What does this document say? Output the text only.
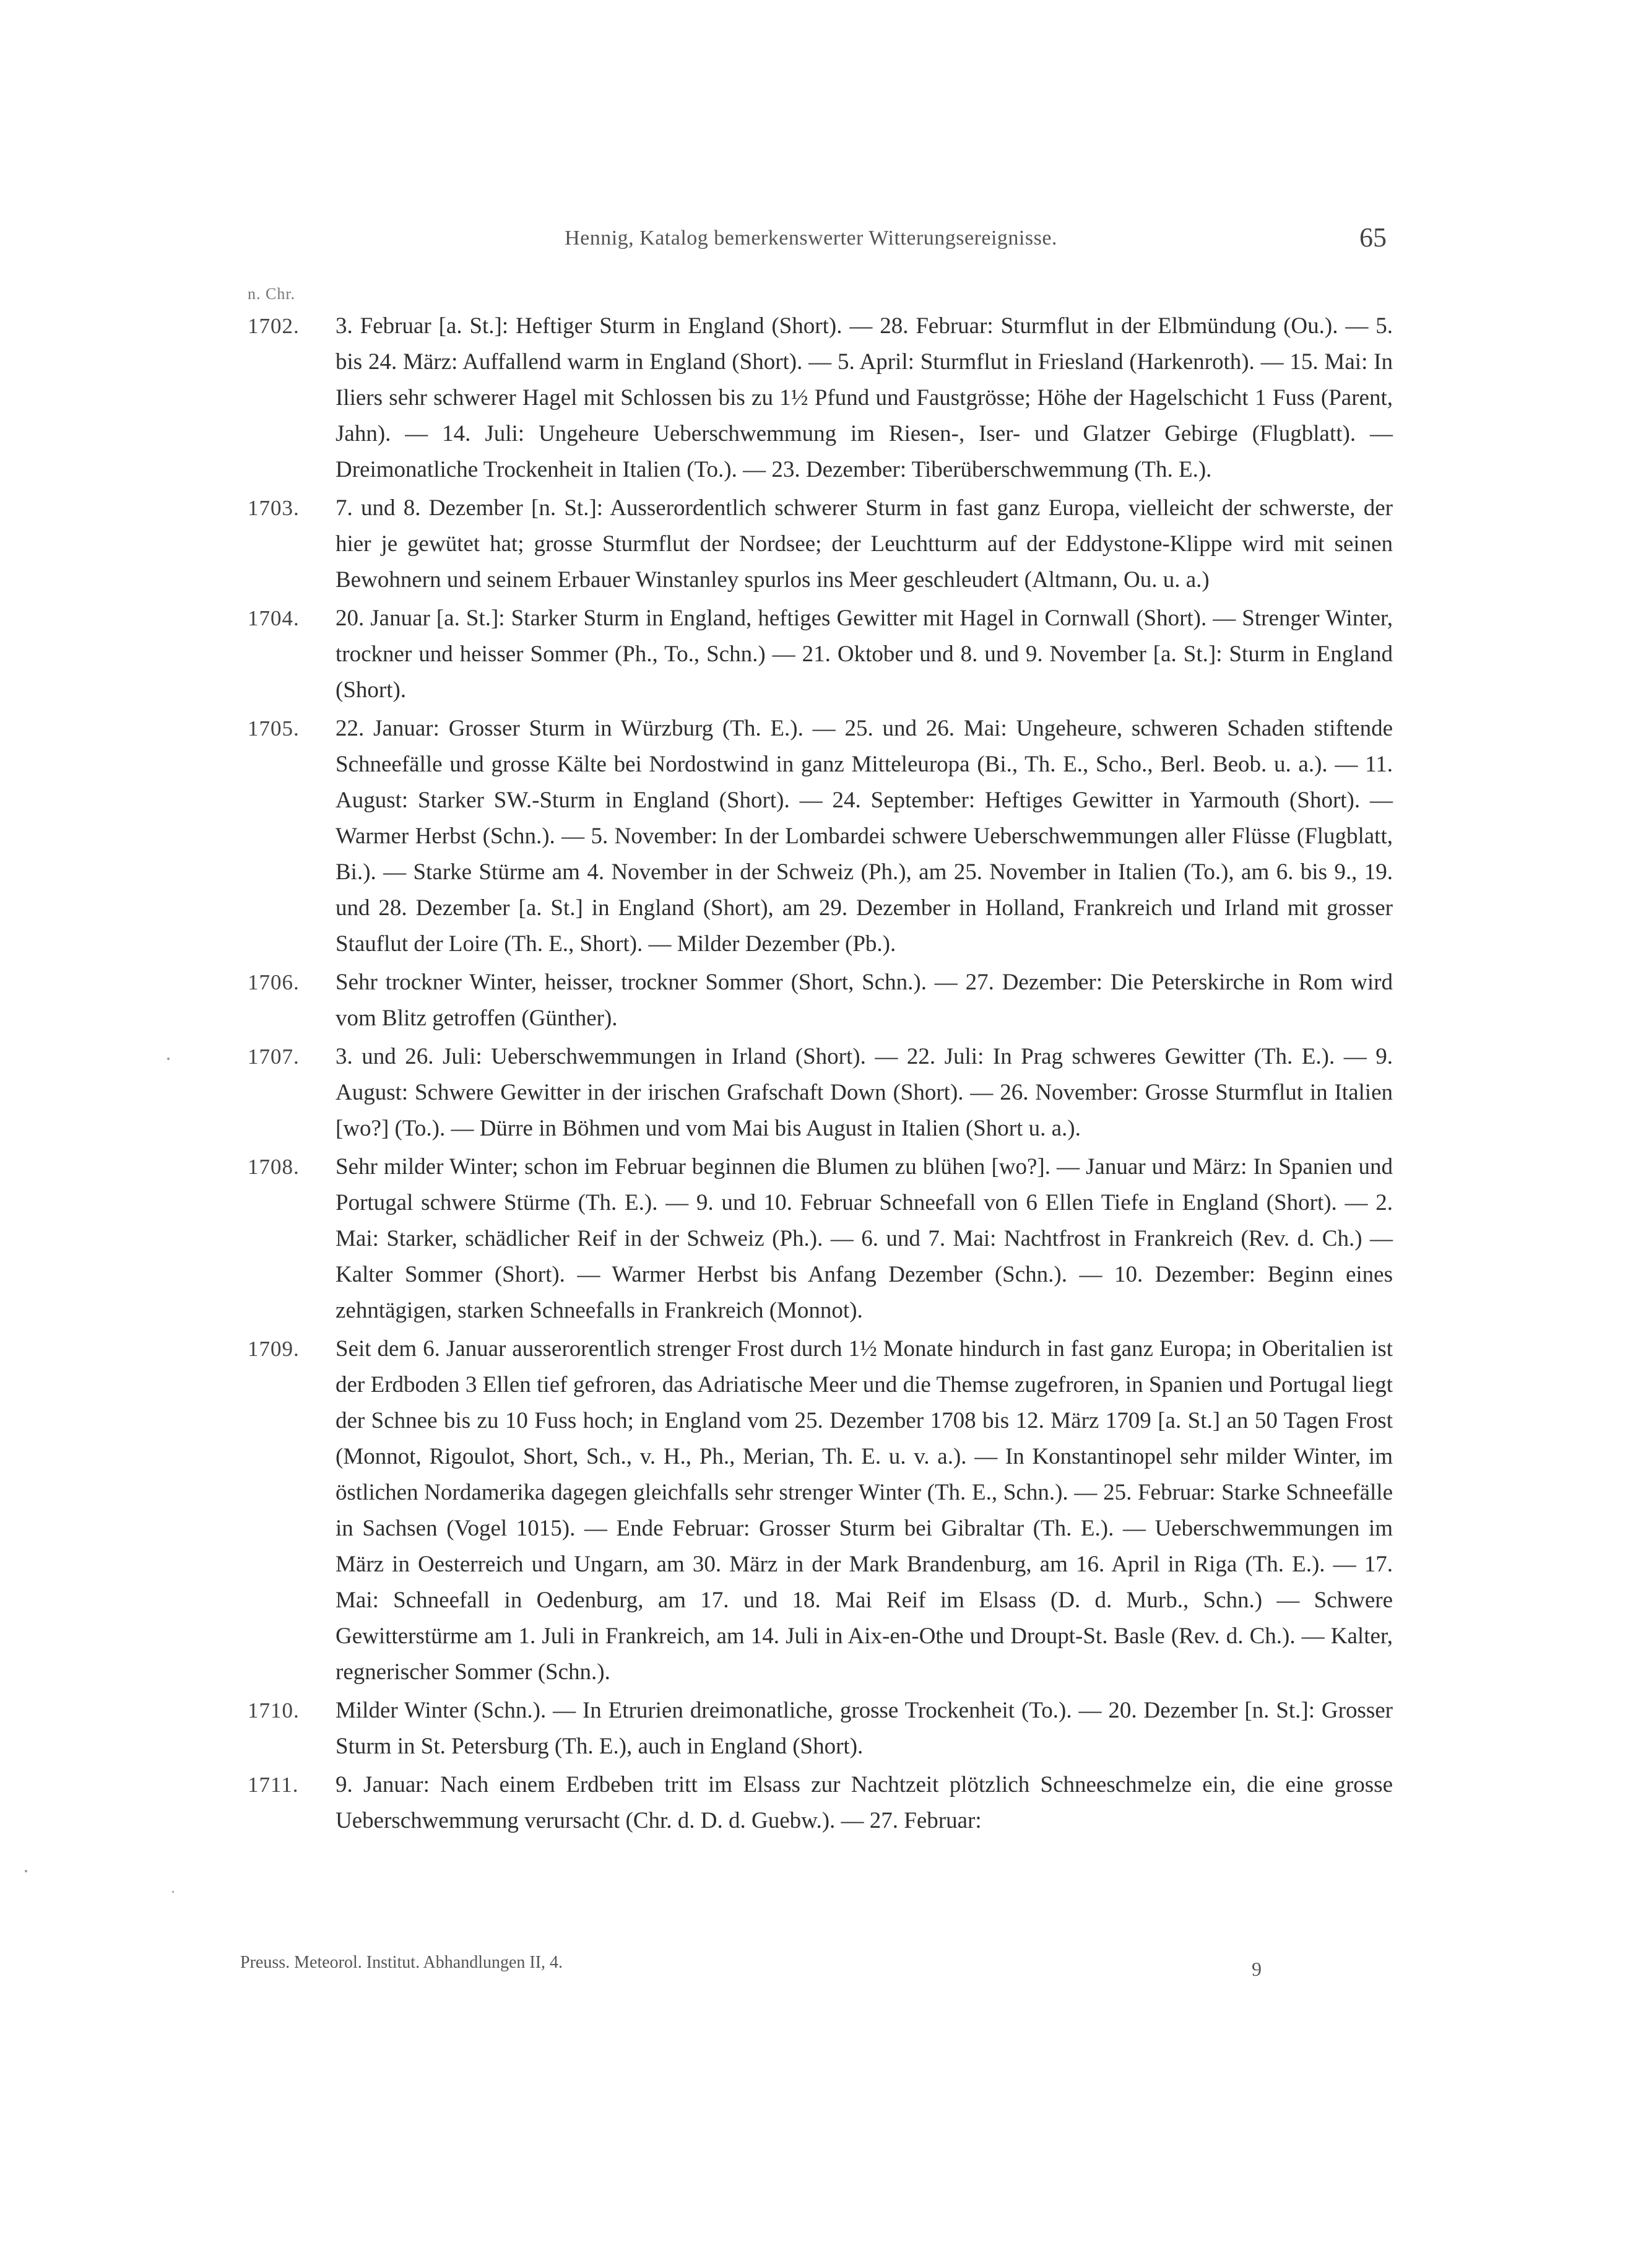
Hennig, Katalog bemerkenswerter Witterungsereignisse.	65
n. Chr.
1702. 3. Februar [a. St.]: Heftiger Sturm in England (Short). — 28. Februar: Sturmflut in der Elbmündung (Ou.). — 5. bis 24. März: Auffallend warm in England (Short). — 5. April: Sturmflut in Friesland (Harkenroth). — 15. Mai: In Iliers sehr schwerer Hagel mit Schlossen bis zu 1½ Pfund und Faustgrösse; Höhe der Hagelschicht 1 Fuss (Parent, Jahn). — 14. Juli: Ungeheure Ueberschwemmung im Riesen-, Iser- und Glatzer Gebirge (Flugblatt). — Dreimonatliche Trockenheit in Italien (To.). — 23. Dezember: Tiberüberschwemmung (Th. E.).

1703. 7. und 8. Dezember [n. St.]: Ausserordentlich schwerer Sturm in fast ganz Europa, vielleicht der schwerste, der hier je gewütet hat; grosse Sturmflut der Nordsee; der Leuchtturm auf der Eddystone-Klippe wird mit seinen Bewohnern und seinem Erbauer Winstanley spurlos ins Meer geschleudert (Altmann, Ou. u. a.)

1704. 20. Januar [a. St.]: Starker Sturm in England, heftiges Gewitter mit Hagel in Cornwall (Short). — Strenger Winter, trockner und heisser Sommer (Ph., To., Schn.) — 21. Oktober und 8. und 9. November [a. St.]: Sturm in England (Short).

1705. 22. Januar: Grosser Sturm in Würzburg (Th. E.). — 25. und 26. Mai: Ungeheure, schweren Schaden stiftende Schneefälle und grosse Kälte bei Nordostwind in ganz Mitteleuropa (Bi., Th. E., Scho., Berl. Beob. u. a.). — 11. August: Starker SW.-Sturm in England (Short). — 24. September: Heftiges Gewitter in Yarmouth (Short). — Warmer Herbst (Schn.). — 5. November: In der Lombardei schwere Ueberschwemmungen aller Flüsse (Flugblatt, Bi.). — Starke Stürme am 4. November in der Schweiz (Ph.), am 25. November in Italien (To.), am 6. bis 9., 19. und 28. Dezember [a. St.] in England (Short), am 29. Dezember in Holland, Frankreich und Irland mit grosser Stauflut der Loire (Th. E., Short). — Milder Dezember (Pb.).

1706. Sehr trockner Winter, heisser, trockner Sommer (Short, Schn.). — 27. Dezember: Die Peterskirche in Rom wird vom Blitz getroffen (Günther).

1707. 3. und 26. Juli: Ueberschwemmungen in Irland (Short). — 22. Juli: In Prag schweres Gewitter (Th. E.). — 9. August: Schwere Gewitter in der irischen Grafschaft Down (Short). — 26. November: Grosse Sturmflut in Italien [wo?] (To.). — Dürre in Böhmen und vom Mai bis August in Italien (Short u. a.).

1708. Sehr milder Winter; schon im Februar beginnen die Blumen zu blühen [wo?]. — Januar und März: In Spanien und Portugal schwere Stürme (Th. E.). — 9. und 10. Februar Schneefall von 6 Ellen Tiefe in England (Short). — 2. Mai: Starker, schädlicher Reif in der Schweiz (Ph.). — 6. und 7. Mai: Nachtfrost in Frankreich (Rev. d. Ch.) — Kalter Sommer (Short). — Warmer Herbst bis Anfang Dezember (Schn.). — 10. Dezember: Beginn eines zehntägigen, starken Schneefalls in Frankreich (Monnot).

1709. Seit dem 6. Januar ausserorentlich strenger Frost durch 1½ Monate hindurch in fast ganz Europa; in Oberitalien ist der Erdboden 3 Ellen tief gefroren, das Adriatische Meer und die Themse zugefroren, in Spanien und Portugal liegt der Schnee bis zu 10 Fuss hoch; in England vom 25. Dezember 1708 bis 12. März 1709 [a. St.] an 50 Tagen Frost (Monnot, Rigoulot, Short, Sch., v. H., Ph., Merian, Th. E. u. v. a.). — In Konstantinopel sehr milder Winter, im östlichen Nordamerika dagegen gleichfalls sehr strenger Winter (Th. E., Schn.). — 25. Februar: Starke Schneefälle in Sachsen (Vogel 1015). — Ende Februar: Grosser Sturm bei Gibraltar (Th. E.). — Ueberschwemmungen im März in Oesterreich und Ungarn, am 30. März in der Mark Brandenburg, am 16. April in Riga (Th. E.). — 17. Mai: Schneefall in Oedenburg, am 17. und 18. Mai Reif im Elsass (D. d. Murb., Schn.) — Schwere Gewitterstürme am 1. Juli in Frankreich, am 14. Juli in Aix-en-Othe und Droupt-St. Basle (Rev. d. Ch.). — Kalter, regnerischer Sommer (Schn.).

1710. Milder Winter (Schn.). — In Etrurien dreimonatliche, grosse Trockenheit (To.). — 20. Dezember [n. St.]: Grosser Sturm in St. Petersburg (Th. E.), auch in England (Short).

1711. 9. Januar: Nach einem Erdbeben tritt im Elsass zur Nachtzeit plötzlich Schneeschmelze ein, die eine grosse Ueberschwemmung verursacht (Chr. d. D. d. Guebw.). — 27. Februar:

Preuss. Meteorol. Institut. Abhandlungen II, 4.	9
